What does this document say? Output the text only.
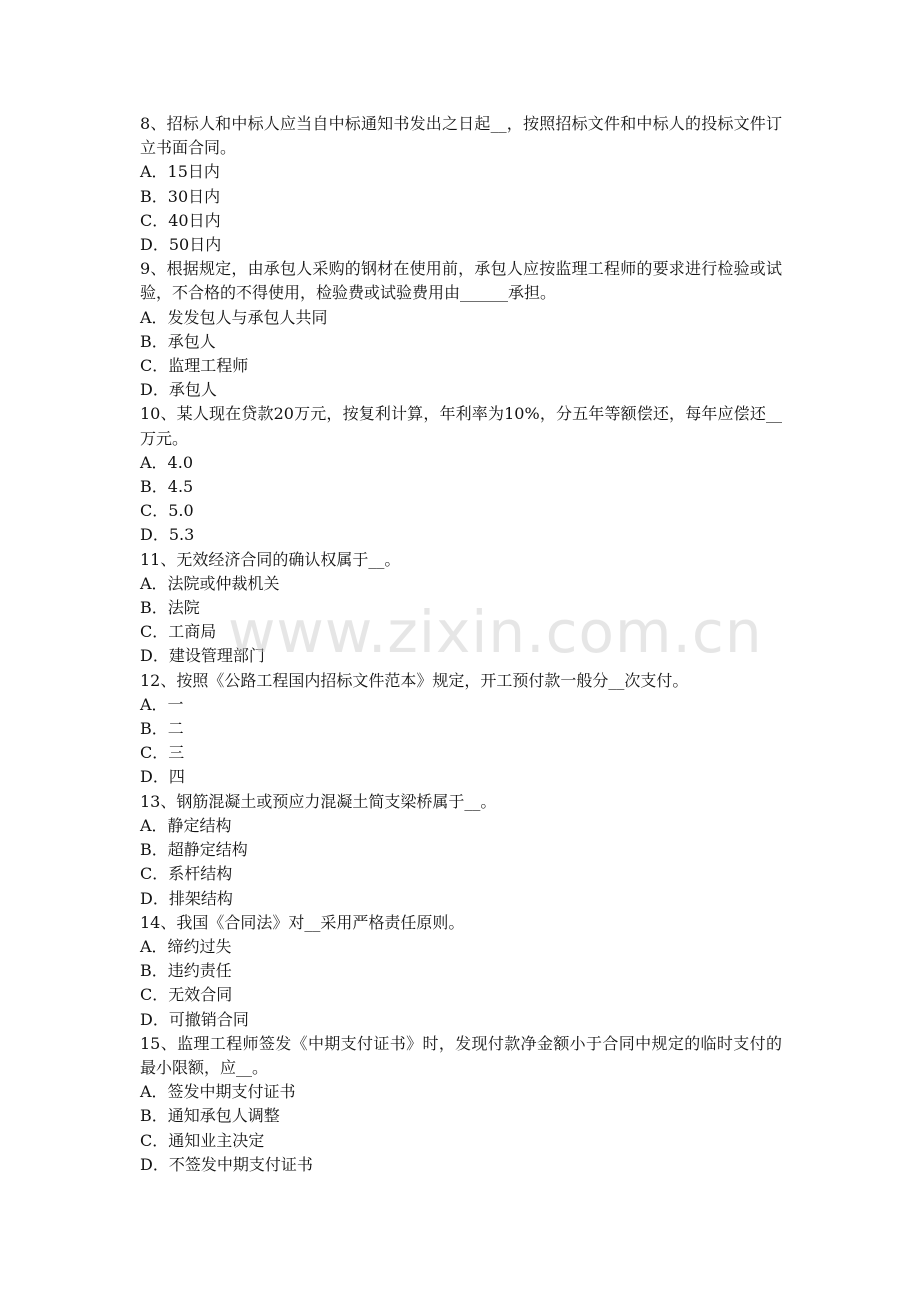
8、招标人和中标人应当自中标通知书发出之日起__，按照招标文件和中标人的投标文件订立书面合同。
A．15日内
B．30日内
C．40日内
D．50日内
9、根据规定，由承包人采购的钢材在使用前，承包人应按监理工程师的要求进行检验或试验，不合格的不得使用，检验费或试验费用由______承担。
A．发发包人与承包人共同
B．承包人
C．监理工程师
D．承包人
10、某人现在贷款20万元，按复利计算，年利率为10%，分五年等额偿还，每年应偿还__万元。
A．4.0
B．4.5
C．5.0
D．5.3
11、无效经济合同的确认权属于__。
A．法院或仲裁机关
B．法院
C．工商局
D．建设管理部门
12、按照《公路工程国内招标文件范本》规定，开工预付款一般分__次支付。
A．一
B．二
C．三
D．四
13、钢筋混凝土或预应力混凝土简支梁桥属于__。
A．静定结构
B．超静定结构
C．系杆结构
D．排架结构
14、我国《合同法》对__采用严格责任原则。
A．缔约过失
B．违约责任
C．无效合同
D．可撤销合同
15、监理工程师签发《中期支付证书》时，发现付款净金额小于合同中规定的临时支付的最小限额，应__。
A．签发中期支付证书
B．通知承包人调整
C．通知业主决定
D．不签发中期支付证书
www.zixin.com.cn
